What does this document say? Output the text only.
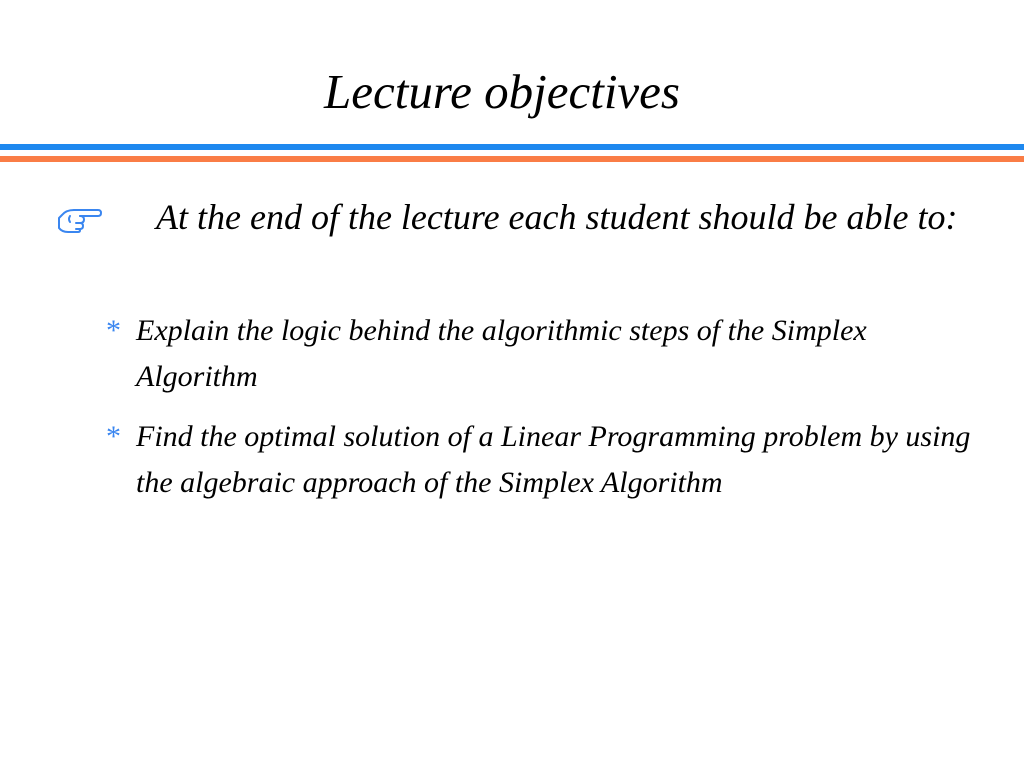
Lecture objectives
At the end of the lecture each student should be able to:
* Explain the logic behind the algorithmic steps of the Simplex Algorithm
* Find the optimal solution of a Linear Programming problem by using the algebraic approach of the Simplex Algorithm
